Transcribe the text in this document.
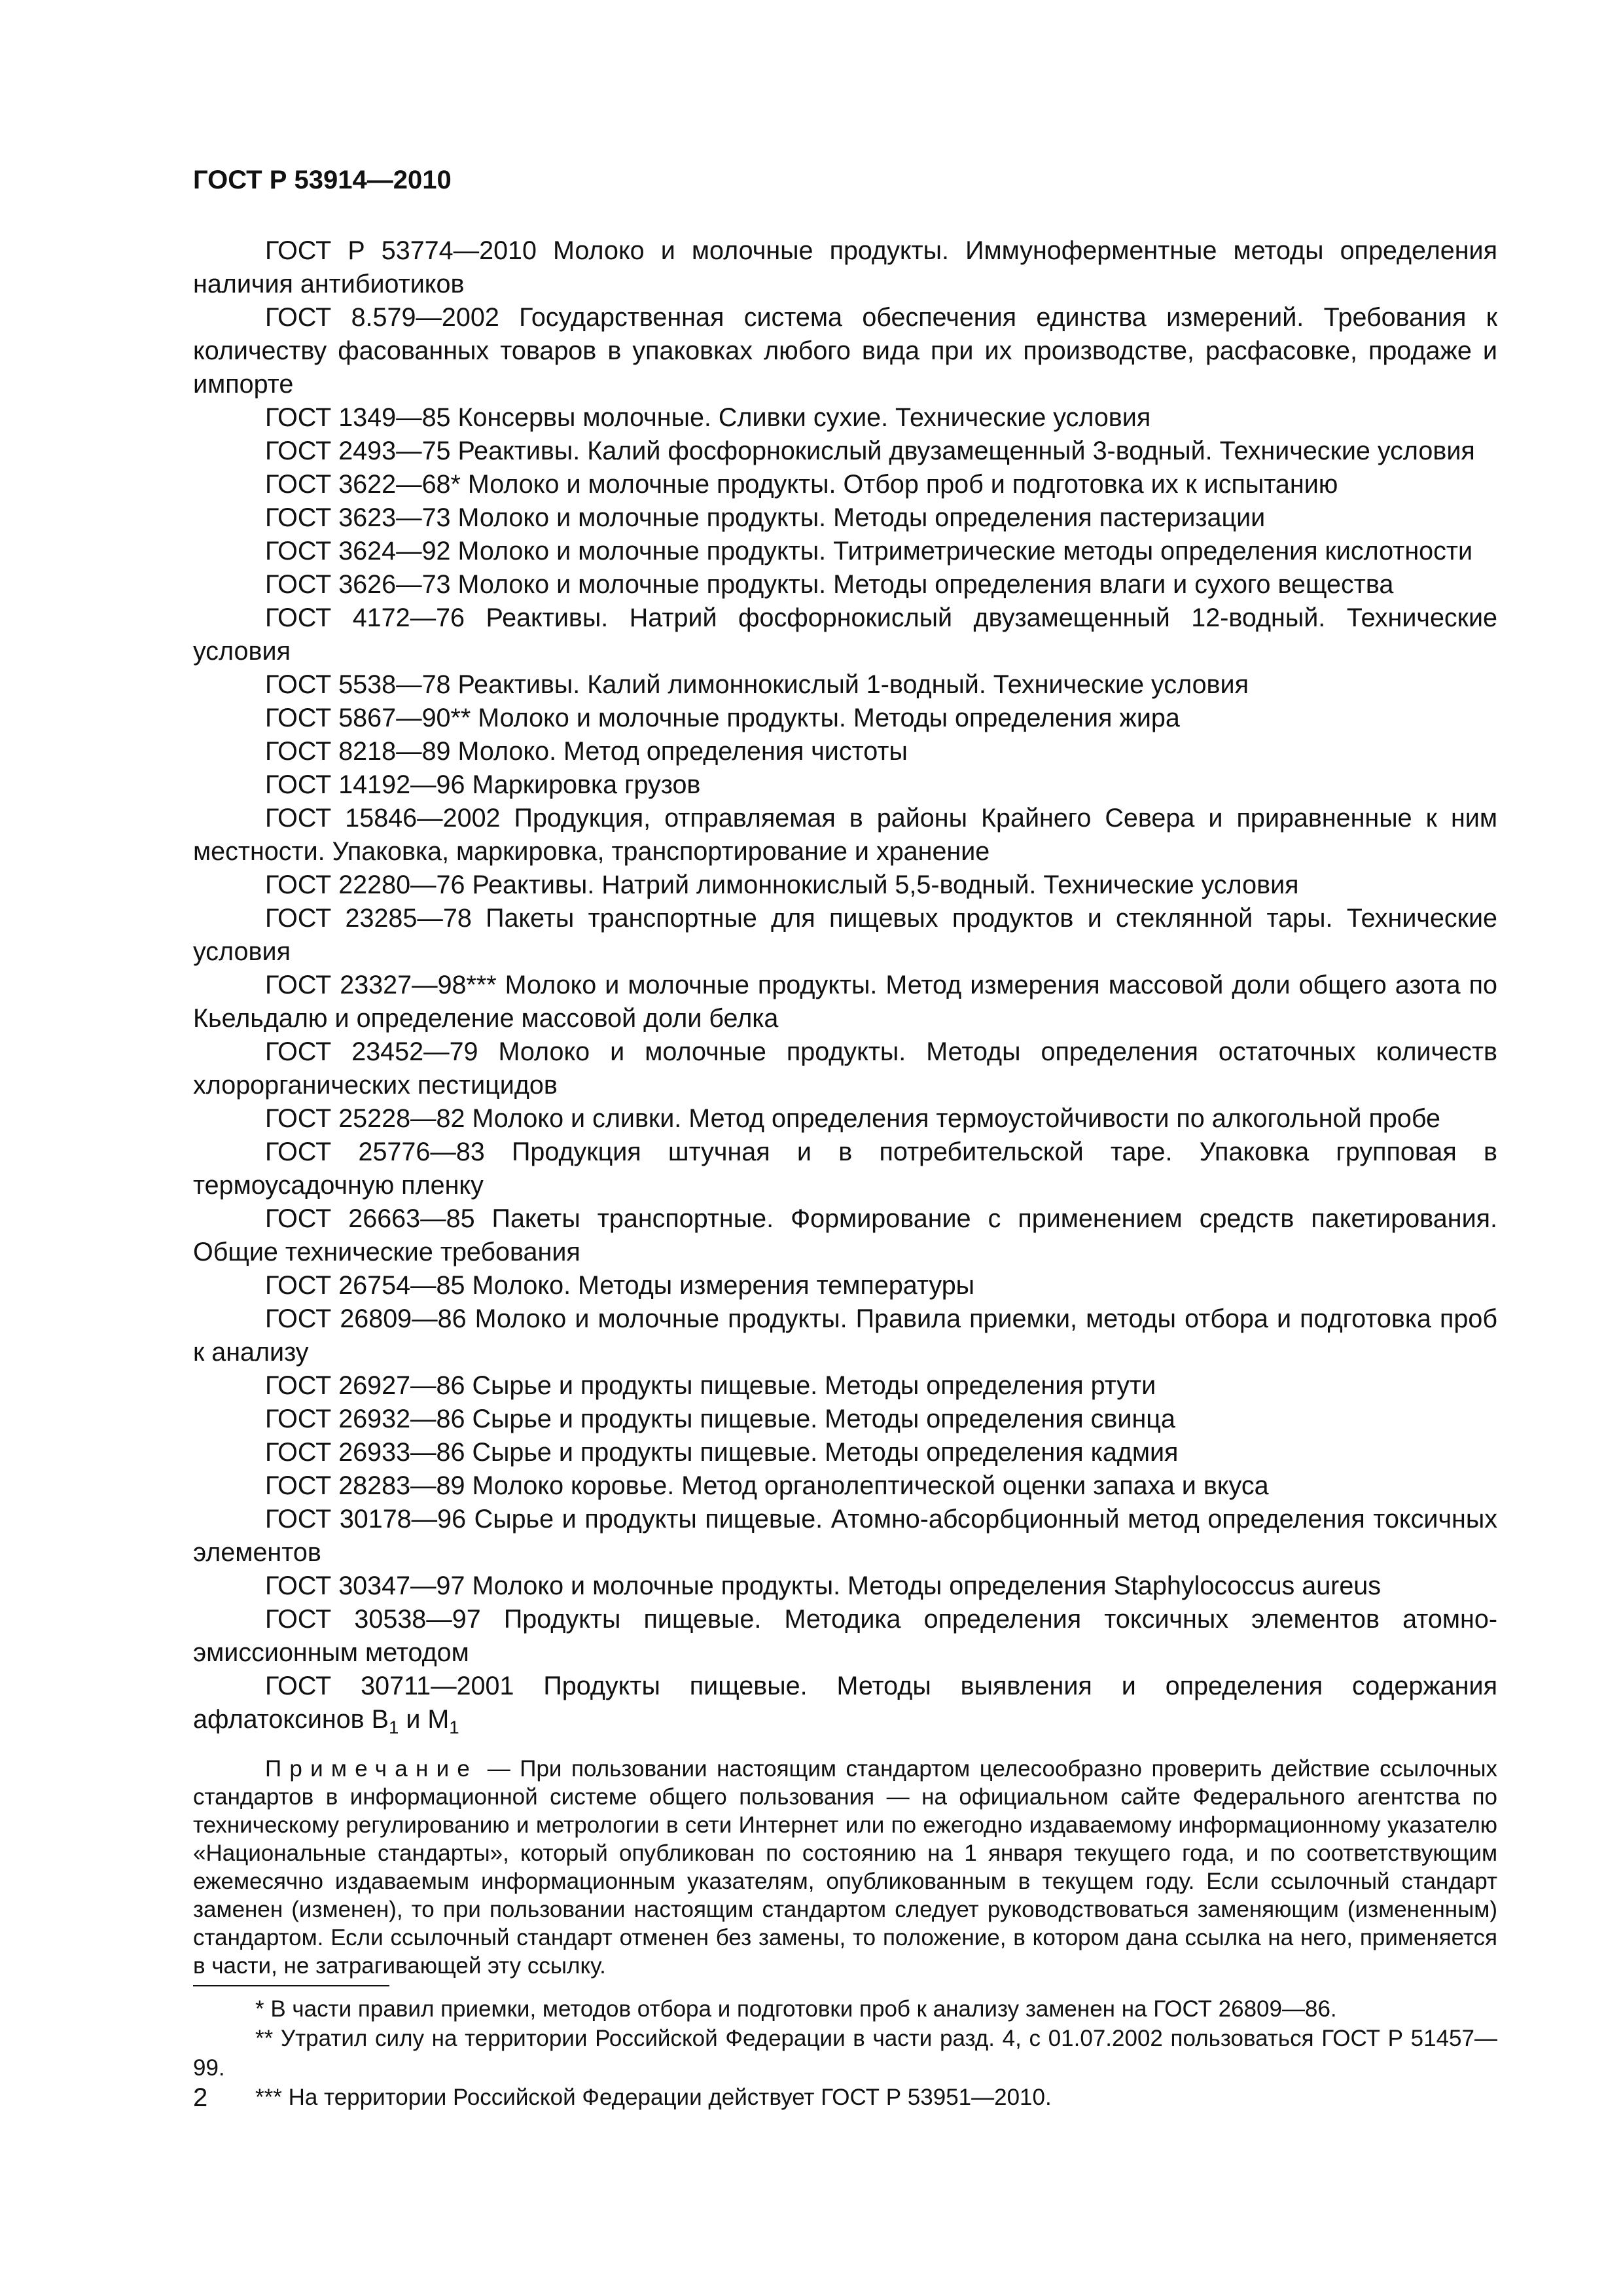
ГОСТ Р 53914—2010

ГОСТ Р 53774—2010 Молоко и молочные продукты. Иммуноферментные методы определения наличия антибиотиков

ГОСТ 8.579—2002 Государственная система обеспечения единства измерений. Требования к количеству фасованных товаров в упаковках любого вида при их производстве, расфасовке, продаже и импорте

ГОСТ 1349—85 Консервы молочные. Сливки сухие. Технические условия

ГОСТ 2493—75 Реактивы. Калий фосфорнокислый двузамещенный 3-водный. Технические условия

ГОСТ 3622—68* Молоко и молочные продукты. Отбор проб и подготовка их к испытанию

ГОСТ 3623—73 Молоко и молочные продукты. Методы определения пастеризации

ГОСТ 3624—92 Молоко и молочные продукты. Титриметрические методы определения кислотности

ГОСТ 3626—73 Молоко и молочные продукты. Методы определения влаги и сухого вещества

ГОСТ 4172—76 Реактивы. Натрий фосфорнокислый двузамещенный 12-водный. Технические условия

ГОСТ 5538—78 Реактивы. Калий лимоннокислый 1-водный. Технические условия

ГОСТ 5867—90** Молоко и молочные продукты. Методы определения жира

ГОСТ 8218—89 Молоко. Метод определения чистоты

ГОСТ 14192—96 Маркировка грузов

ГОСТ 15846—2002 Продукция, отправляемая в районы Крайнего Севера и приравненные к ним местности. Упаковка, маркировка, транспортирование и хранение

ГОСТ 22280—76 Реактивы. Натрий лимоннокислый 5,5-водный. Технические условия

ГОСТ 23285—78 Пакеты транспортные для пищевых продуктов и стеклянной тары. Технические условия

ГОСТ 23327—98*** Молоко и молочные продукты. Метод измерения массовой доли общего азота по Кьельдалю и определение массовой доли белка

ГОСТ 23452—79 Молоко и молочные продукты. Методы определения остаточных количеств хлорорганических пестицидов

ГОСТ 25228—82 Молоко и сливки. Метод определения термоустойчивости по алкогольной пробе

ГОСТ 25776—83 Продукция штучная и в потребительской таре. Упаковка групповая в термоусадочную пленку

ГОСТ 26663—85 Пакеты транспортные. Формирование с применением средств пакетирования. Общие технические требования

ГОСТ 26754—85 Молоко. Методы измерения температуры

ГОСТ 26809—86 Молоко и молочные продукты. Правила приемки, методы отбора и подготовка проб к анализу

ГОСТ 26927—86 Сырье и продукты пищевые. Методы определения ртути

ГОСТ 26932—86 Сырье и продукты пищевые. Методы определения свинца

ГОСТ 26933—86 Сырье и продукты пищевые. Методы определения кадмия

ГОСТ 28283—89 Молоко коровье. Метод органолептической оценки запаха и вкуса

ГОСТ 30178—96 Сырье и продукты пищевые. Атомно-абсорбционный метод определения токсичных элементов

ГОСТ 30347—97 Молоко и молочные продукты. Методы определения Staphylococcus aureus

ГОСТ 30538—97 Продукты пищевые. Методика определения токсичных элементов атомно-эмиссионным методом

ГОСТ 30711—2001 Продукты пищевые. Методы выявления и определения содержания афлатоксинов $В_1$ и $М_1$

Примечание — При пользовании настоящим стандартом целесообразно проверить действие ссылочных стандартов в информационной системе общего пользования — на официальном сайте Федерального агентства по техническому регулированию и метрологии в сети Интернет или по ежегодно издаваемому информационному указателю «Национальные стандарты», который опубликован по состоянию на 1 января текущего года, и по соответствующим ежемесячно издаваемым информационным указателям, опубликованным в текущем году. Если ссылочный стандарт заменен (изменен), то при пользовании настоящим стандартом следует руководствоваться заменяющим (измененным) стандартом. Если ссылочный стандарт отменен без замены, то положение, в котором дана ссылка на него, применяется в части, не затрагивающей эту ссылку.

* В части правил приемки, методов отбора и подготовки проб к анализу заменен на ГОСТ 26809—86.

** Утратил силу на территории Российской Федерации в части разд. 4, с 01.07.2002 пользоваться ГОСТ Р 51457—99.

*** На территории Российской Федерации действует ГОСТ Р 53951—2010.

2
